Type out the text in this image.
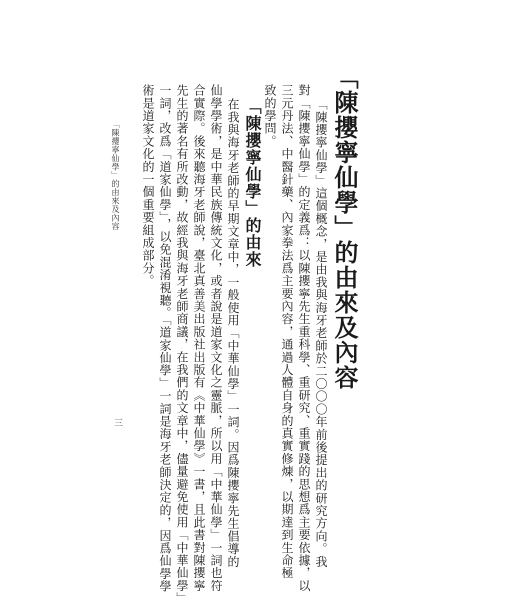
「陳攖寧仙學」的由來及內容
「陳攖寧仙學」這個概念，是由我與海牙老師於二〇〇〇年前後提出的研究方向。我
對「陳攖寧仙學」的定義爲：以陳攖寧先生重科學、重研究、重實踐的思想爲主要依據，以
三元丹法、中醫針藥、內家拳法爲主要內容，通過人體自身的真實修煉，以期達到生命極
致的學問。
「陳攖寧仙學」的由來
在我與海牙老師的早期文章中，一般使用「中華仙學」一詞。因爲陳攖寧先生倡導的
仙學學術，是中華民族傳統文化，或者說是道家文化之靈脈，所以用「中華仙學」一詞也符
合實際。後來聽海牙老師說，臺北真善美出版社出版有《中華仙學》一書，且此書對陳攖寧
先生的著名有所改動，故經我與海牙老師商議，在我們的文章中，儘量避免使用「中華仙學」
一詞，改爲「道家仙學」，以免混淆視聽。「道家仙學」一詞是海牙老師決定的，因爲仙學學
術是道家文化的一個重要組成部分。
「陳攖寧仙學」的由來及內容
三
